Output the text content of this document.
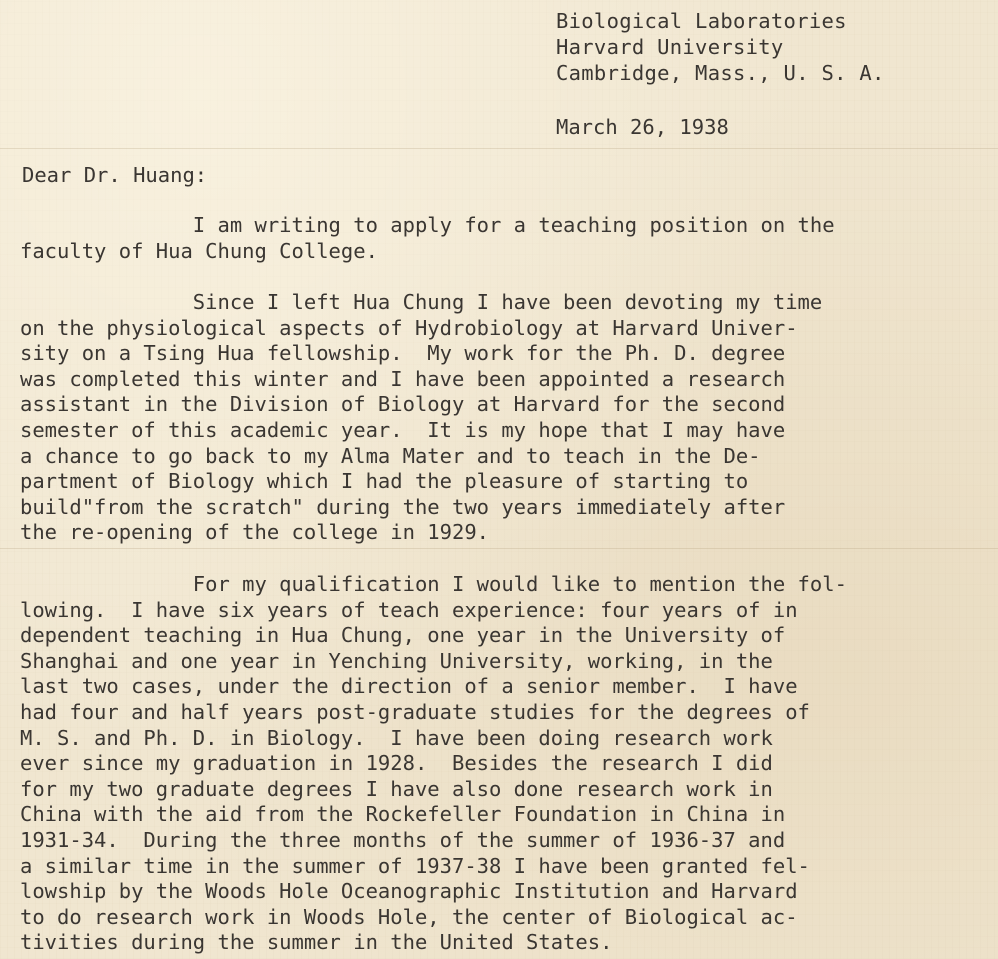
Biological Laboratories
Harvard University
Cambridge, Mass., U. S. A.
March 26, 1938
Dear Dr. Huang:
I am writing to apply for a teaching position on the
faculty of Hua Chung College.
Since I left Hua Chung I have been devoting my time
on the physiological aspects of Hydrobiology at Harvard Univer-
sity on a Tsing Hua fellowship.  My work for the Ph. D. degree
was completed this winter and I have been appointed a research
assistant in the Division of Biology at Harvard for the second
semester of this academic year.  It is my hope that I may have
a chance to go back to my Alma Mater and to teach in the De-
partment of Biology which I had the pleasure of starting to
build"from the scratch" during the two years immediately after
the re-opening of the college in 1929.
For my qualification I would like to mention the fol-
lowing.  I have six years of teach experience: four years of in
dependent teaching in Hua Chung, one year in the University of
Shanghai and one year in Yenching University, working, in the
last two cases, under the direction of a senior member.  I have
had four and half years post-graduate studies for the degrees of
M. S. and Ph. D. in Biology.  I have been doing research work
ever since my graduation in 1928.  Besides the research I did
for my two graduate degrees I have also done research work in
China with the aid from the Rockefeller Foundation in China in
1931-34.  During the three months of the summer of 1936-37 and
a similar time in the summer of 1937-38 I have been granted fel-
lowship by the Woods Hole Oceanographic Institution and Harvard
to do research work in Woods Hole, the center of Biological ac-
tivities during the summer in the United States.
